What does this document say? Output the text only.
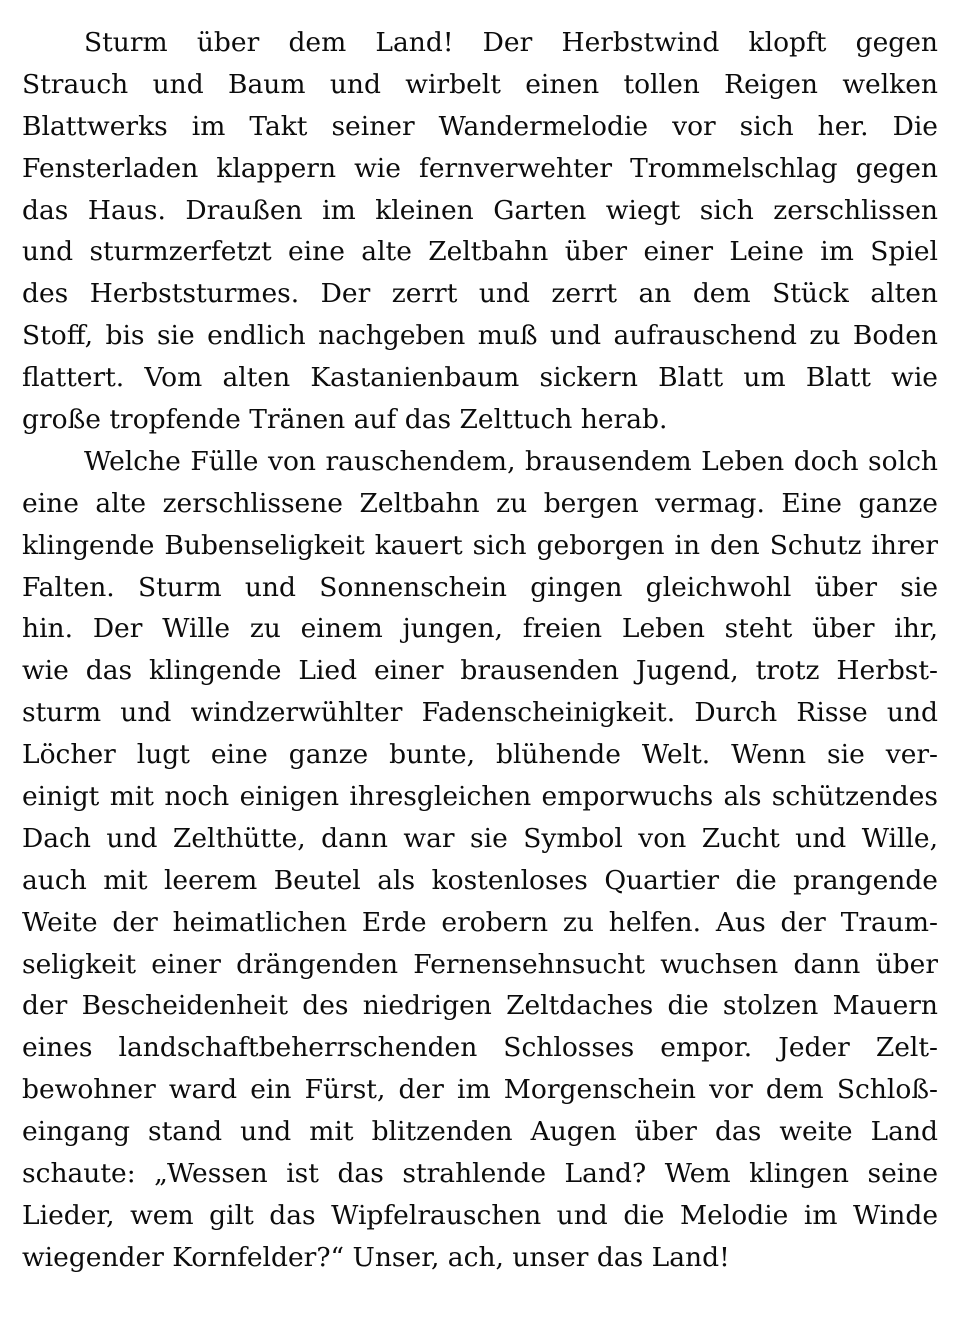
Sturm über dem Land! Der Herbstwind klopft gegen
Strauch und Baum und wirbelt einen tollen Reigen welken
Blattwerks im Takt seiner Wandermelodie vor sich her. Die
Fensterladen klappern wie fernverwehter Trommelschlag gegen
das Haus. Draußen im kleinen Garten wiegt sich zerschlissen
und sturmzerfetzt eine alte Zeltbahn über einer Leine im Spiel
des Herbststurmes. Der zerrt und zerrt an dem Stück alten
Stoff, bis sie endlich nachgeben muß und aufrauschend zu Boden
flattert. Vom alten Kastanienbaum sickern Blatt um Blatt wie
große tropfende Tränen auf das Zelttuch herab.
Welche Fülle von rauschendem, brausendem Leben doch solch
eine alte zerschlissene Zeltbahn zu bergen vermag. Eine ganze
klingende Bubenseligkeit kauert sich geborgen in den Schutz ihrer
Falten. Sturm und Sonnenschein gingen gleichwohl über sie
hin. Der Wille zu einem jungen, freien Leben steht über ihr,
wie das klingende Lied einer brausenden Jugend, trotz Herbst-
sturm und windzerwühlter Fadenscheinigkeit. Durch Risse und
Löcher lugt eine ganze bunte, blühende Welt. Wenn sie ver-
einigt mit noch einigen ihresgleichen emporwuchs als schützendes
Dach und Zelthütte, dann war sie Symbol von Zucht und Wille,
auch mit leerem Beutel als kostenloses Quartier die prangende
Weite der heimatlichen Erde erobern zu helfen. Aus der Traum-
seligkeit einer drängenden Fernensehnsucht wuchsen dann über
der Bescheidenheit des niedrigen Zeltdaches die stolzen Mauern
eines landschaftbeherrschenden Schlosses empor. Jeder Zelt-
bewohner ward ein Fürst, der im Morgenschein vor dem Schloß-
eingang stand und mit blitzenden Augen über das weite Land
schaute: „Wessen ist das strahlende Land? Wem klingen seine
Lieder, wem gilt das Wipfelrauschen und die Melodie im Winde
wiegender Kornfelder?“ Unser, ach, unser das Land!
